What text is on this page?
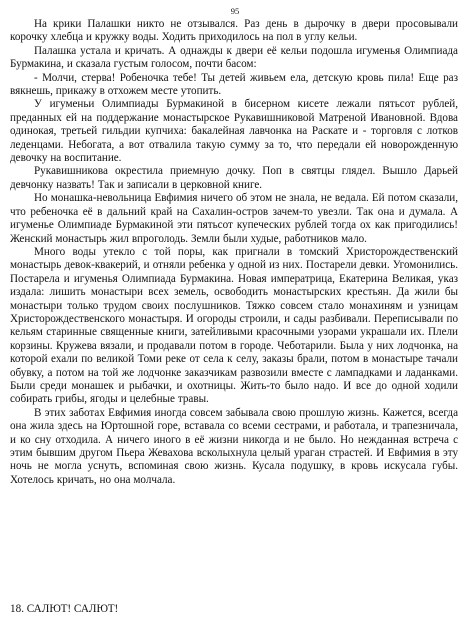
95

На крики Палашки никто не отзывался. Раз день в дырочку в двери просовывали корочку хлебца и кружку воды. Ходить приходилось на пол в углу кельи.

Палашка устала и кричать. А однажды к двери её кельи подошла игуменья Олимпиада Бурмакина, и сказала густым голосом, почти басом:

- Молчи, стерва! Робеночка тебе! Ты детей живьем ела, детскую кровь пила! Еще раз вякнешь, прикажу в отхожем месте утопить.

У игуменьи Олимпиады Бурмакиной в бисерном кисете лежали пятьсот рублей, преданных ей на поддержание монастырское Рукавишниковой Матреной Ивановной. Вдова одинокая, третьей гильдии купчиха: бакалейная лавчонка на Раскате и - торговля с лотков леденцами. Небогата, а вот отвалила такую сумму за то, что передали ей новорожденную девочку на воспитание.

Рукавишникова окрестила приемную дочку. Поп в святцы глядел. Вышло Дарьей девчонку назвать! Так и записали в церковной книге.

Но монашка-невольница Евфимия ничего об этом не знала, не ведала. Ей потом сказали, что ребеночка её в дальний край на Сахалин-остров зачем-то увезли. Так она и думала. А игуменье Олимпиаде Бурмакиной эти пятьсот купеческих рублей тогда ох как пригодились! Женский монастырь жил впроголодь. Земли были худые, работников мало.

Много воды утекло с той поры, как пригнали в томский Христорождественский монастырь девок-квакерий, и отняли ребенка у одной из них. Постарели девки. Угомонились. Постарела и игуменья Олимпиада Бурмакина. Новая императрица, Екатерина Великая, указ издала: лишить монастыри всех земель, освободить монастырских крестьян. Да жили бы монастыри только трудом своих послушников. Тяжко совсем стало монахиням и узницам Христорождественского монастыря. И огороды строили, и сады разбивали. Переписывали по кельям старинные священные книги, затейливыми красочными узорами украшали их. Плели корзины. Кружева вязали, и продавали потом в городе. Чеботарили. Была у них лодчонка, на которой ехали по великой Томи реке от села к селу, заказы брали, потом в монастыре тачали обувку, а потом на той же лодчонке заказчикам развозили вместе с лампадками и ладанками. Были среди монашек и рыбачки, и охотницы. Жить-то было надо. И все до одной ходили собирать грибы, ягоды и целебные травы.

В этих заботах Евфимия иногда совсем забывала свою прошлую жизнь. Кажется, всегда она жила здесь на Юртошной горе, вставала со всеми сестрами, и работала, и трапезничала, и ко сну отходила. А ничего иного в её жизни никогда и не было. Но нежданная встреча с этим бывшим другом Пьера Жевахова всколыхнула целый ураган страстей. И Евфимия в эту ночь не могла уснуть, вспоминая свою жизнь. Кусала подушку, в кровь искусала губы. Хотелось кричать, но она молчала.

18. САЛЮТ! САЛЮТ!
